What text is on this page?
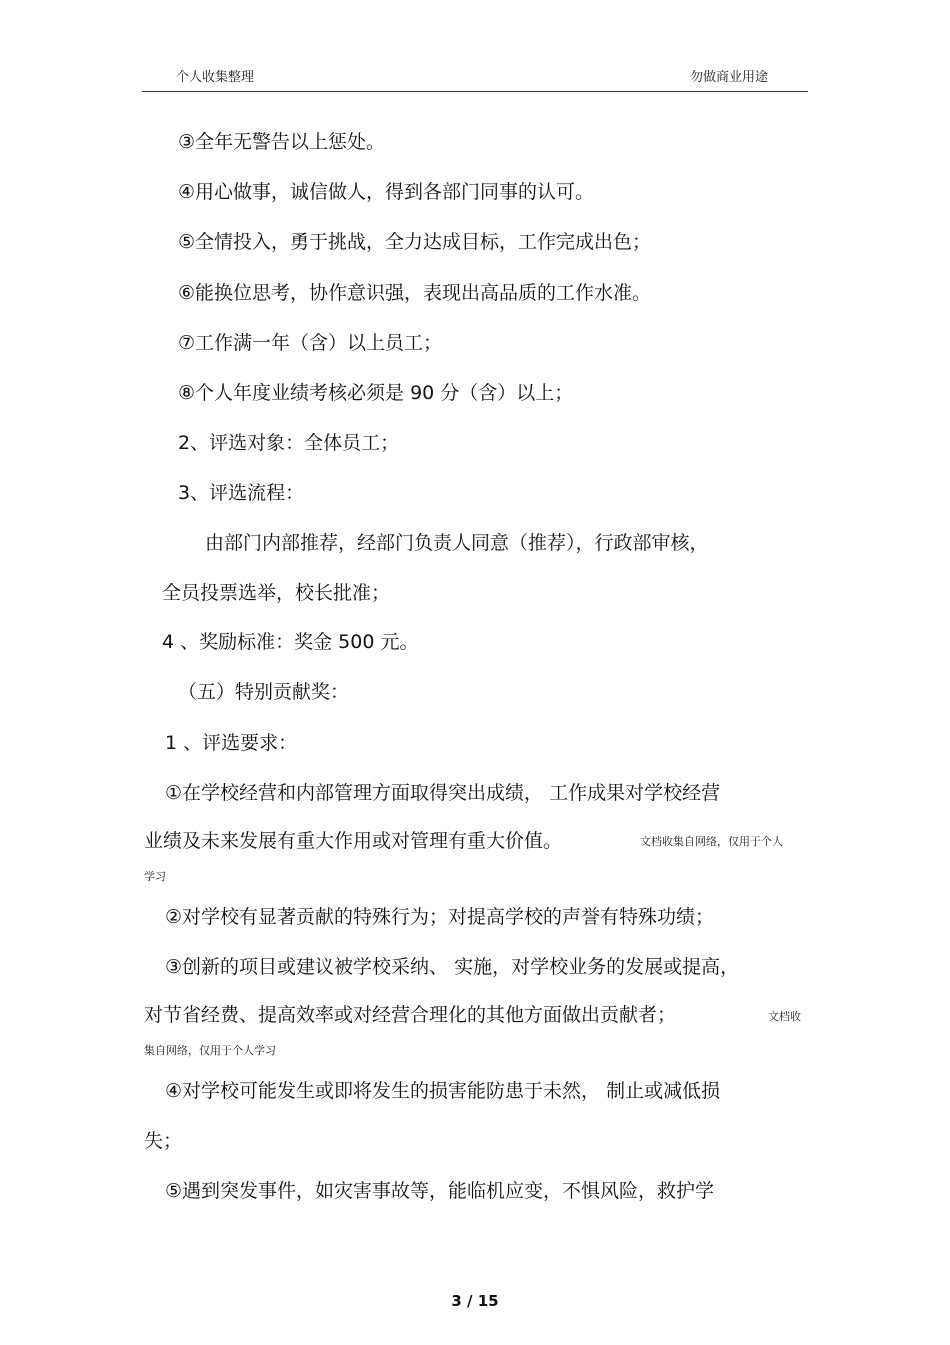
个人收集整理	勿做商业用途
③全年无警告以上惩处。
④用心做事，诚信做人，得到各部门同事的认可。
⑤全情投入，勇于挑战，全力达成目标，工作完成出色；
⑥能换位思考，协作意识强，表现出高品质的工作水准。
⑦工作满一年（含）以上员工；
⑧个人年度业绩考核必须是 90 分（含）以上；
2、评选对象：全体员工；
3、评选流程：
由部门内部推荐，经部门负责人同意（推荐），行政部审核，
全员投票选举，校长批准；
4 、奖励标准：奖金 500 元。
（五）特别贡献奖：
1 、评选要求：
①在学校经营和内部管理方面取得突出成绩， 工作成果对学校经营
业绩及未来发展有重大作用或对管理有重大价值。	文档收集自网络，仅用于个人
学习
②对学校有显著贡献的特殊行为；对提高学校的声誉有特殊功绩；
③创新的项目或建议被学校采纳、 实施，对学校业务的发展或提高，
对节省经费、提高效率或对经营合理化的其他方面做出贡献者；	文档收
集自网络，仅用于个人学习
④对学校可能发生或即将发生的损害能防患于未然， 制止或减低损
失；
⑤遇到突发事件，如灾害事故等，能临机应变，不惧风险，救护学
3 / 15
